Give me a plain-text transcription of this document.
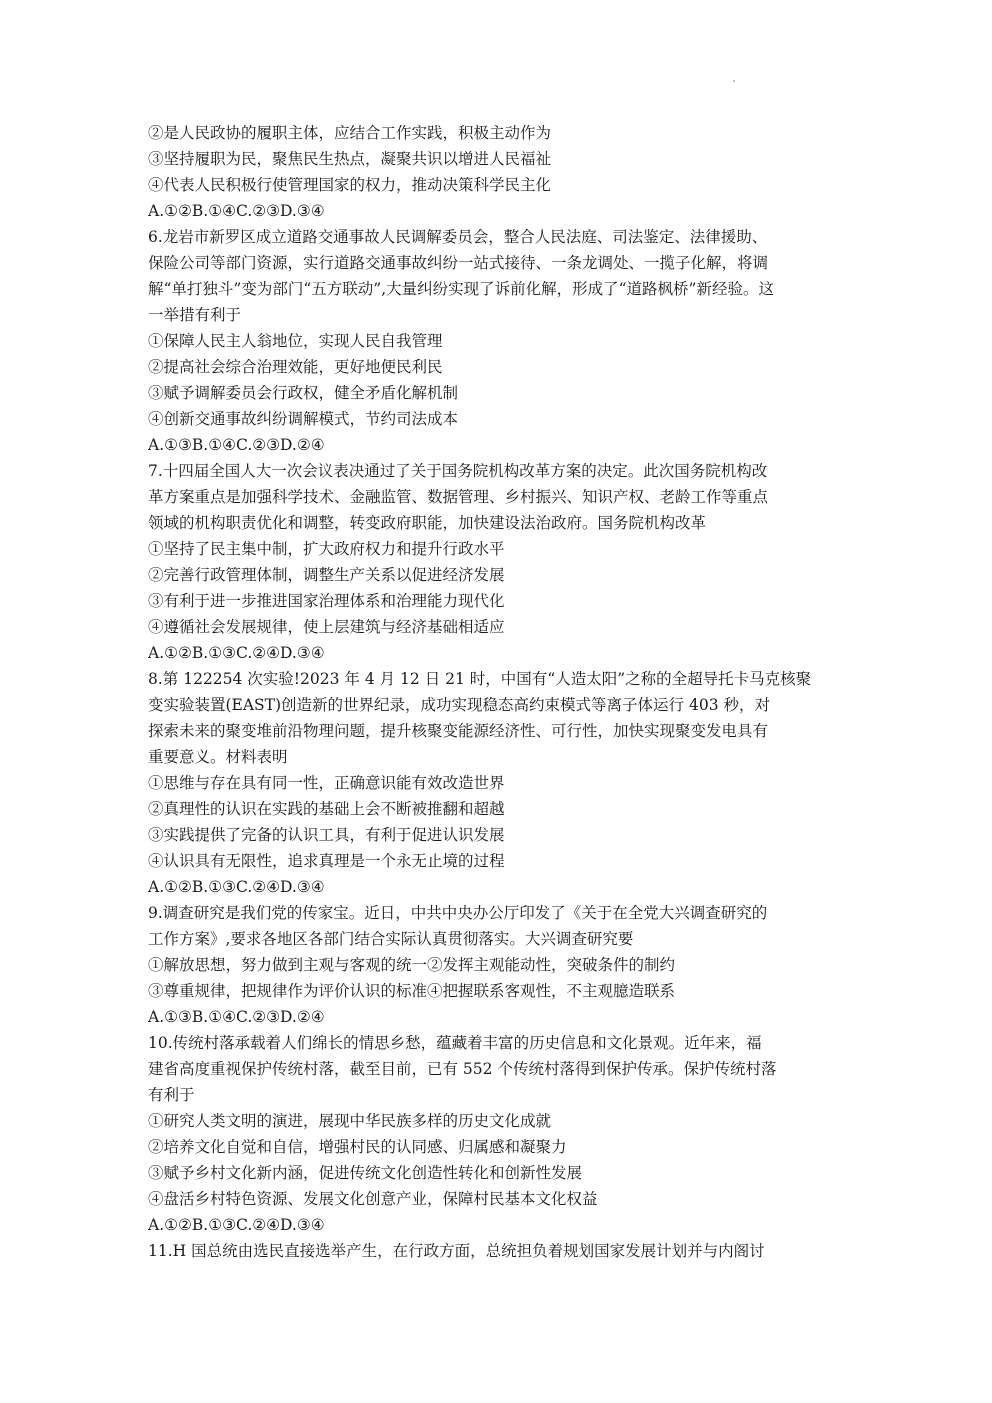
②是人民政协的履职主体，应结合工作实践，积极主动作为
③坚持履职为民，聚焦民生热点，凝聚共识以增进人民福祉
④代表人民积极行使管理国家的权力，推动决策科学民主化
A.①②B.①④C.②③D.③④
6.龙岩市新罗区成立道路交通事故人民调解委员会，整合人民法庭、司法鉴定、法律援助、
保险公司等部门资源，实行道路交通事故纠纷一站式接待、一条龙调处、一揽子化解，将调
解“单打独斗”变为部门“五方联动”,大量纠纷实现了诉前化解，形成了“道路枫桥”新经验。这
一举措有利于
①保障人民主人翁地位，实现人民自我管理
②提高社会综合治理效能，更好地便民利民
③赋予调解委员会行政权，健全矛盾化解机制
④创新交通事故纠纷调解模式，节约司法成本
A.①③B.①④C.②③D.②④
7.十四届全国人大一次会议表决通过了关于国务院机构改革方案的决定。此次国务院机构改
革方案重点是加强科学技术、金融监管、数据管理、乡村振兴、知识产权、老龄工作等重点
领域的机构职责优化和调整，转变政府职能，加快建设法治政府。国务院机构改革
①坚持了民主集中制，扩大政府权力和提升行政水平
②完善行政管理体制，调整生产关系以促进经济发展
③有利于进一步推进国家治理体系和治理能力现代化
④遵循社会发展规律，使上层建筑与经济基础相适应
A.①②B.①③C.②④D.③④
8.第 122254 次实验!2023 年 4 月 12 日 21 时，中国有“人造太阳”之称的全超导托卡马克核聚
变实验装置(EAST)创造新的世界纪录，成功实现稳态高约束模式等离子体运行 403 秒，对
探索未来的聚变堆前沿物理问题，提升核聚变能源经济性、可行性，加快实现聚变发电具有
重要意义。材料表明
①思维与存在具有同一性，正确意识能有效改造世界
②真理性的认识在实践的基础上会不断被推翻和超越
③实践提供了完备的认识工具，有利于促进认识发展
④认识具有无限性，追求真理是一个永无止境的过程
A.①②B.①③C.②④D.③④
9.调查研究是我们党的传家宝。近日，中共中央办公厅印发了《关于在全党大兴调查研究的
工作方案》,要求各地区各部门结合实际认真贯彻落实。大兴调查研究要
①解放思想，努力做到主观与客观的统一②发挥主观能动性，突破条件的制约
③尊重规律，把规律作为评价认识的标准④把握联系客观性，不主观臆造联系
A.①③B.①④C.②③D.②④
10.传统村落承载着人们绵长的情思乡愁，蕴藏着丰富的历史信息和文化景观。近年来，福
建省高度重视保护传统村落，截至目前，已有 552 个传统村落得到保护传承。保护传统村落
有利于
①研究人类文明的演进，展现中华民族多样的历史文化成就
②培养文化自觉和自信，增强村民的认同感、归属感和凝聚力
③赋予乡村文化新内涵，促进传统文化创造性转化和创新性发展
④盘活乡村特色资源、发展文化创意产业，保障村民基本文化权益
A.①②B.①③C.②④D.③④
11.H 国总统由选民直接选举产生，在行政方面，总统担负着规划国家发展计划并与内阁讨
